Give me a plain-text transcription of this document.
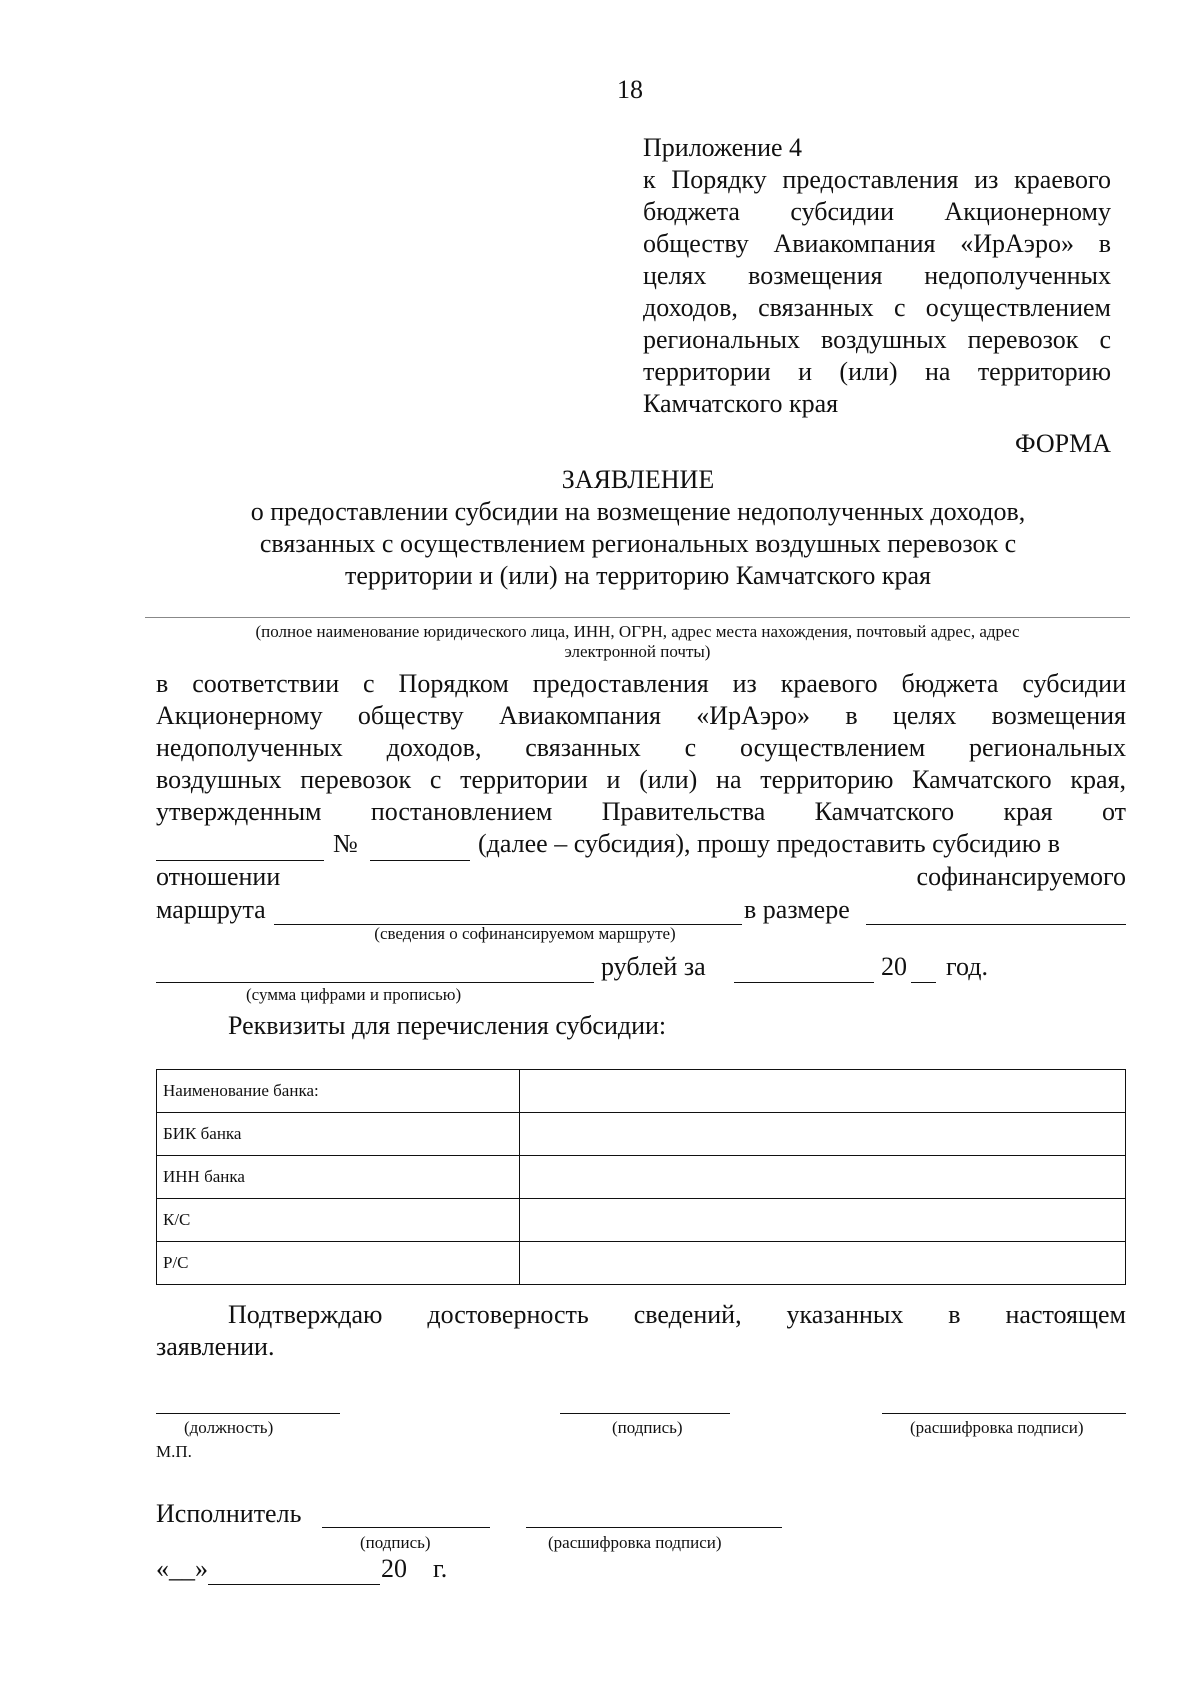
18
Приложение 4
к Порядку предоставления из краевого
бюджета субсидии Акционерному
обществу Авиакомпания «ИрАэро» в
целях возмещения недополученных
доходов, связанных с осуществлением
региональных воздушных перевозок с
территории и (или) на территорию
Камчатского края
ФОРМА
ЗАЯВЛЕНИЕ
о предоставлении субсидии на возмещение недополученных доходов,
связанных с осуществлением региональных воздушных перевозок с
территории и (или) на территорию Камчатского края
(полное наименование юридического лица, ИНН, ОГРН, адрес места нахождения, почтовый адрес, адрес
электронной почты)
в соответствии с Порядком предоставления из краевого бюджета субсидии
Акционерному обществу Авиакомпания «ИрАэро» в целях возмещения
недополученных доходов, связанных с осуществлением региональных
воздушных перевозок с территории и (или) на территорию Камчатского края,
утвержденным постановлением Правительства Камчатского края от
№	(далее – субсидия), прошу предоставить субсидию в
отношении	софинансируемого
маршрута	в размере
(сведения о софинансируемом маршруте)
рублей за	20 год.
(сумма цифрами и прописью)
Реквизиты для перечисления субсидии:
Наименование банка:	
БИК банка	
ИНН банка	
К/С	
Р/С	
Подтверждаю достоверность сведений, указанных в настоящем
заявлении.
(должность)	(подпись)	(расшифровка подписи)
М.П.
Исполнитель
(подпись)	(расшифровка подписи)
«__»	20    г.
